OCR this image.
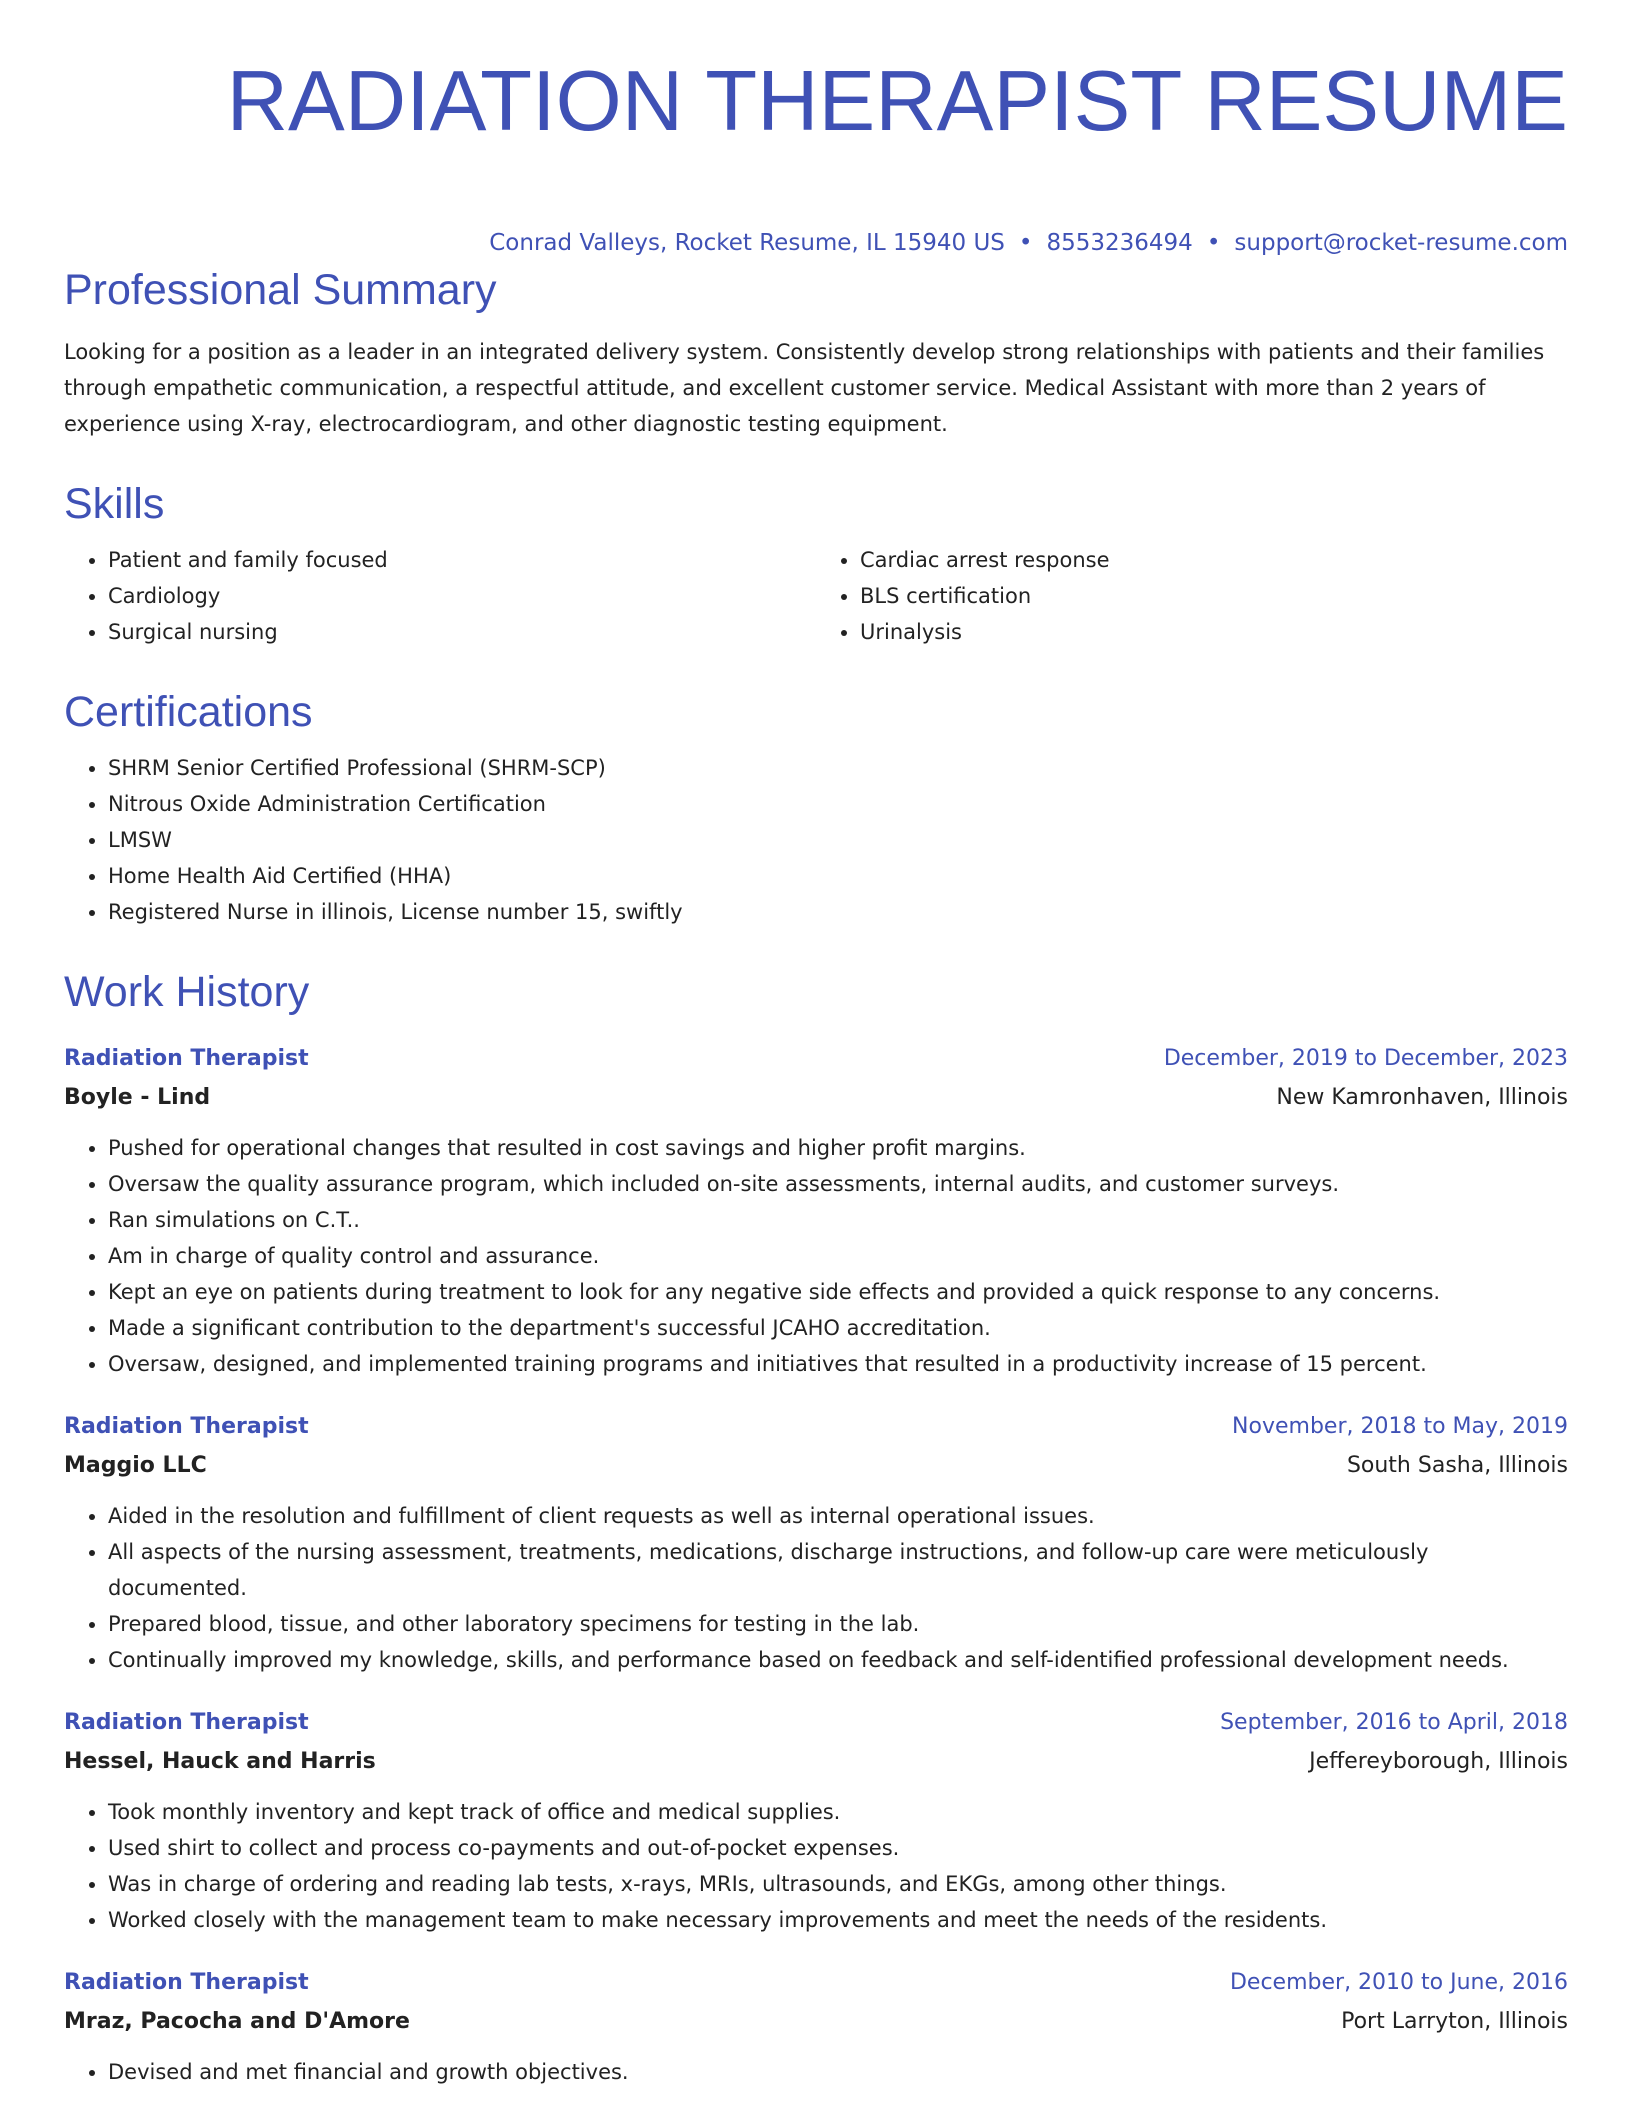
RADIATION THERAPIST RESUME
Conrad Valleys, Rocket Resume, IL 15940 US • 8553236494 • support@rocket-resume.com
Professional Summary

Looking for a position as a leader in an integrated delivery system. Consistently develop strong relationships with patients and their families through empathetic communication, a respectful attitude, and excellent customer service. Medical Assistant with more than 2 years of experience using X-ray, electrocardiogram, and other diagnostic testing equipment.

Skills
• Patient and family focused
• Cardiology
• Surgical nursing
• Cardiac arrest response
• BLS certification
• Urinalysis
Certifications
• SHRM Senior Certified Professional (SHRM-SCP)
• Nitrous Oxide Administration Certification
• LMSW
• Home Health Aid Certified (HHA)
• Registered Nurse in illinois, License number 15, swiftly
Work History
Radiation Therapist	December, 2019 to December, 2023
Boyle - Lind	New Kamronhaven, Illinois
• Pushed for operational changes that resulted in cost savings and higher profit margins.
• Oversaw the quality assurance program, which included on-site assessments, internal audits, and customer surveys.
• Ran simulations on C.T..
• Am in charge of quality control and assurance.
• Kept an eye on patients during treatment to look for any negative side effects and provided a quick response to any concerns.
• Made a significant contribution to the department's successful JCAHO accreditation.
• Oversaw, designed, and implemented training programs and initiatives that resulted in a productivity increase of 15 percent.
Radiation Therapist	November, 2018 to May, 2019
Maggio LLC	South Sasha, Illinois
• Aided in the resolution and fulfillment of client requests as well as internal operational issues.
• All aspects of the nursing assessment, treatments, medications, discharge instructions, and follow-up care were meticulously documented.
• Prepared blood, tissue, and other laboratory specimens for testing in the lab.
• Continually improved my knowledge, skills, and performance based on feedback and self-identified professional development needs.
Radiation Therapist	September, 2016 to April, 2018
Hessel, Hauck and Harris	Jeffereyborough, Illinois
• Took monthly inventory and kept track of office and medical supplies.
• Used shirt to collect and process co-payments and out-of-pocket expenses.
• Was in charge of ordering and reading lab tests, x-rays, MRIs, ultrasounds, and EKGs, among other things.
• Worked closely with the management team to make necessary improvements and meet the needs of the residents.
Radiation Therapist	December, 2010 to June, 2016
Mraz, Pacocha and D'Amore	Port Larryton, Illinois
• Devised and met financial and growth objectives.
